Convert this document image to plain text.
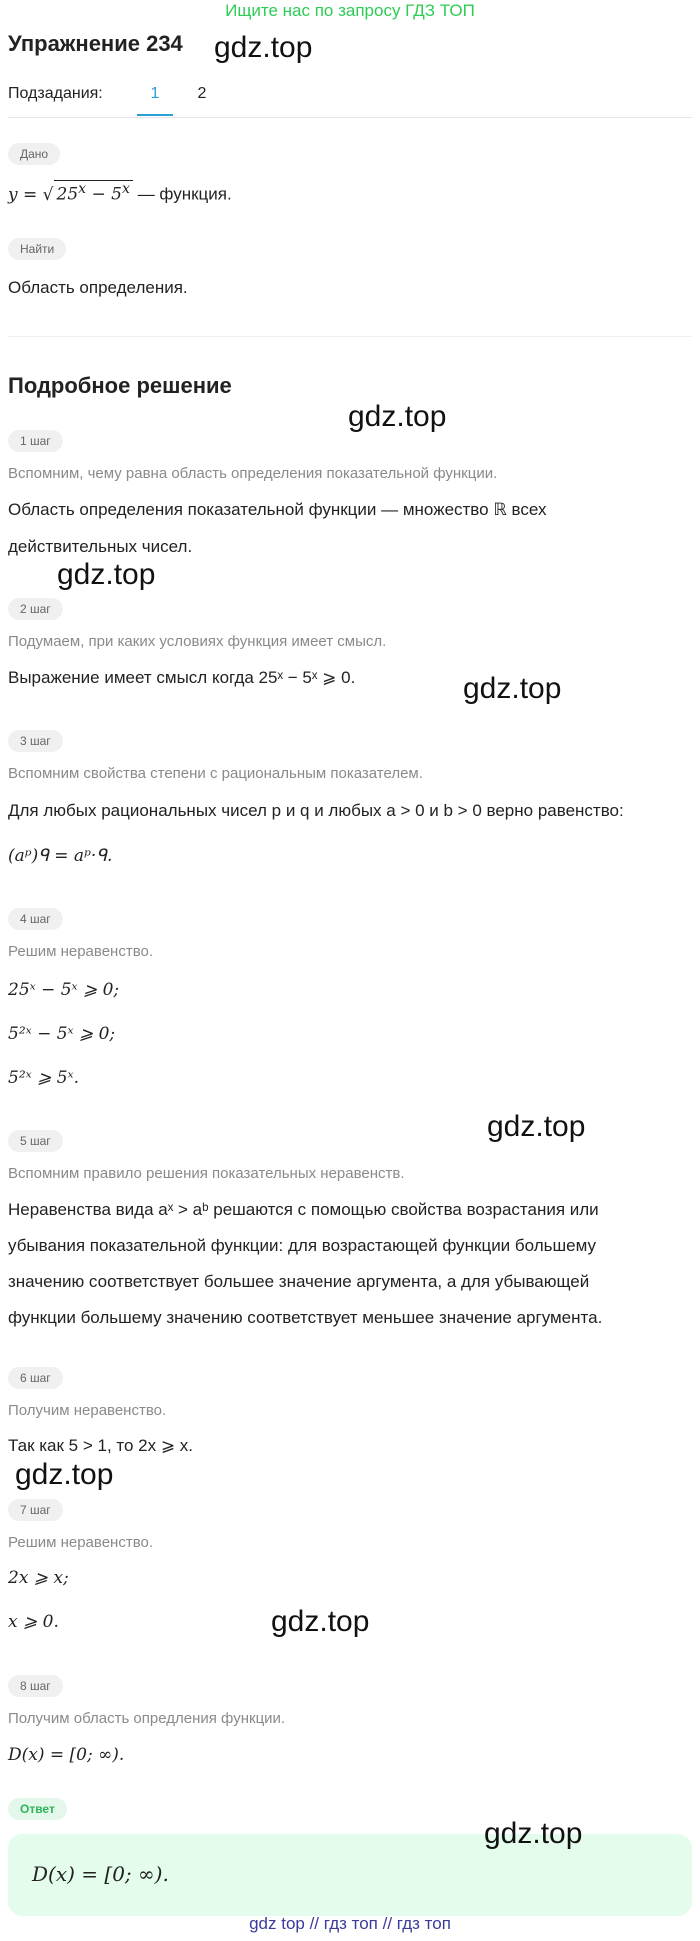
Ищите нас по запросу ГДЗ ТОП
Упражнение 234 gdz.top
Подзадания:	1	2
Дано
y = √ $25^x - 5^x$ — функция.
Найти
Область определения.
Подробное решение
gdz.top
1 шаг
Вспомним, чему равна область определения показательной функции.
Область определения показательной функции — множество ℝ всех
действительных чисел.
gdz.top
2 шаг
Подумаем, при каких условиях функция имеет смысл.
Выражение имеет смысл когда 25ˣ − 5ˣ ⩾ 0.	gdz.top
3 шаг
Вспомним свойства степени с рациональным показателем.
Для любых рациональных чисел p и q и любых a > 0 и b > 0 верно равенство:
(aᵖ)ᑫ = aᵖ·ᑫ.
4 шаг
Решим неравенство.
25ˣ − 5ˣ ⩾ 0;
5²ˣ − 5ˣ ⩾ 0;
5²ˣ ⩾ 5ˣ.
gdz.top
5 шаг
Вспомним правило решения показательных неравенств.
Неравенства вида aˣ > aᵇ решаются с помощью свойства возрастания или
убывания показательной функции: для возрастающей функции большему
значению соответствует большее значение аргумента, а для убывающей
функции большему значению соответствует меньшее значение аргумента.
6 шаг
Получим неравенство.
Так как 5 > 1, то 2x ⩾ x.
gdz.top
7 шаг
Решим неравенство.
2x ⩾ x;
x ⩾ 0.	gdz.top
8 шаг
Получим область опредления функции.
D(x) = [0; ∞).
Ответ
D(x) = [0; ∞).
gdz.top
gdz top // гдз топ // гдз топ
